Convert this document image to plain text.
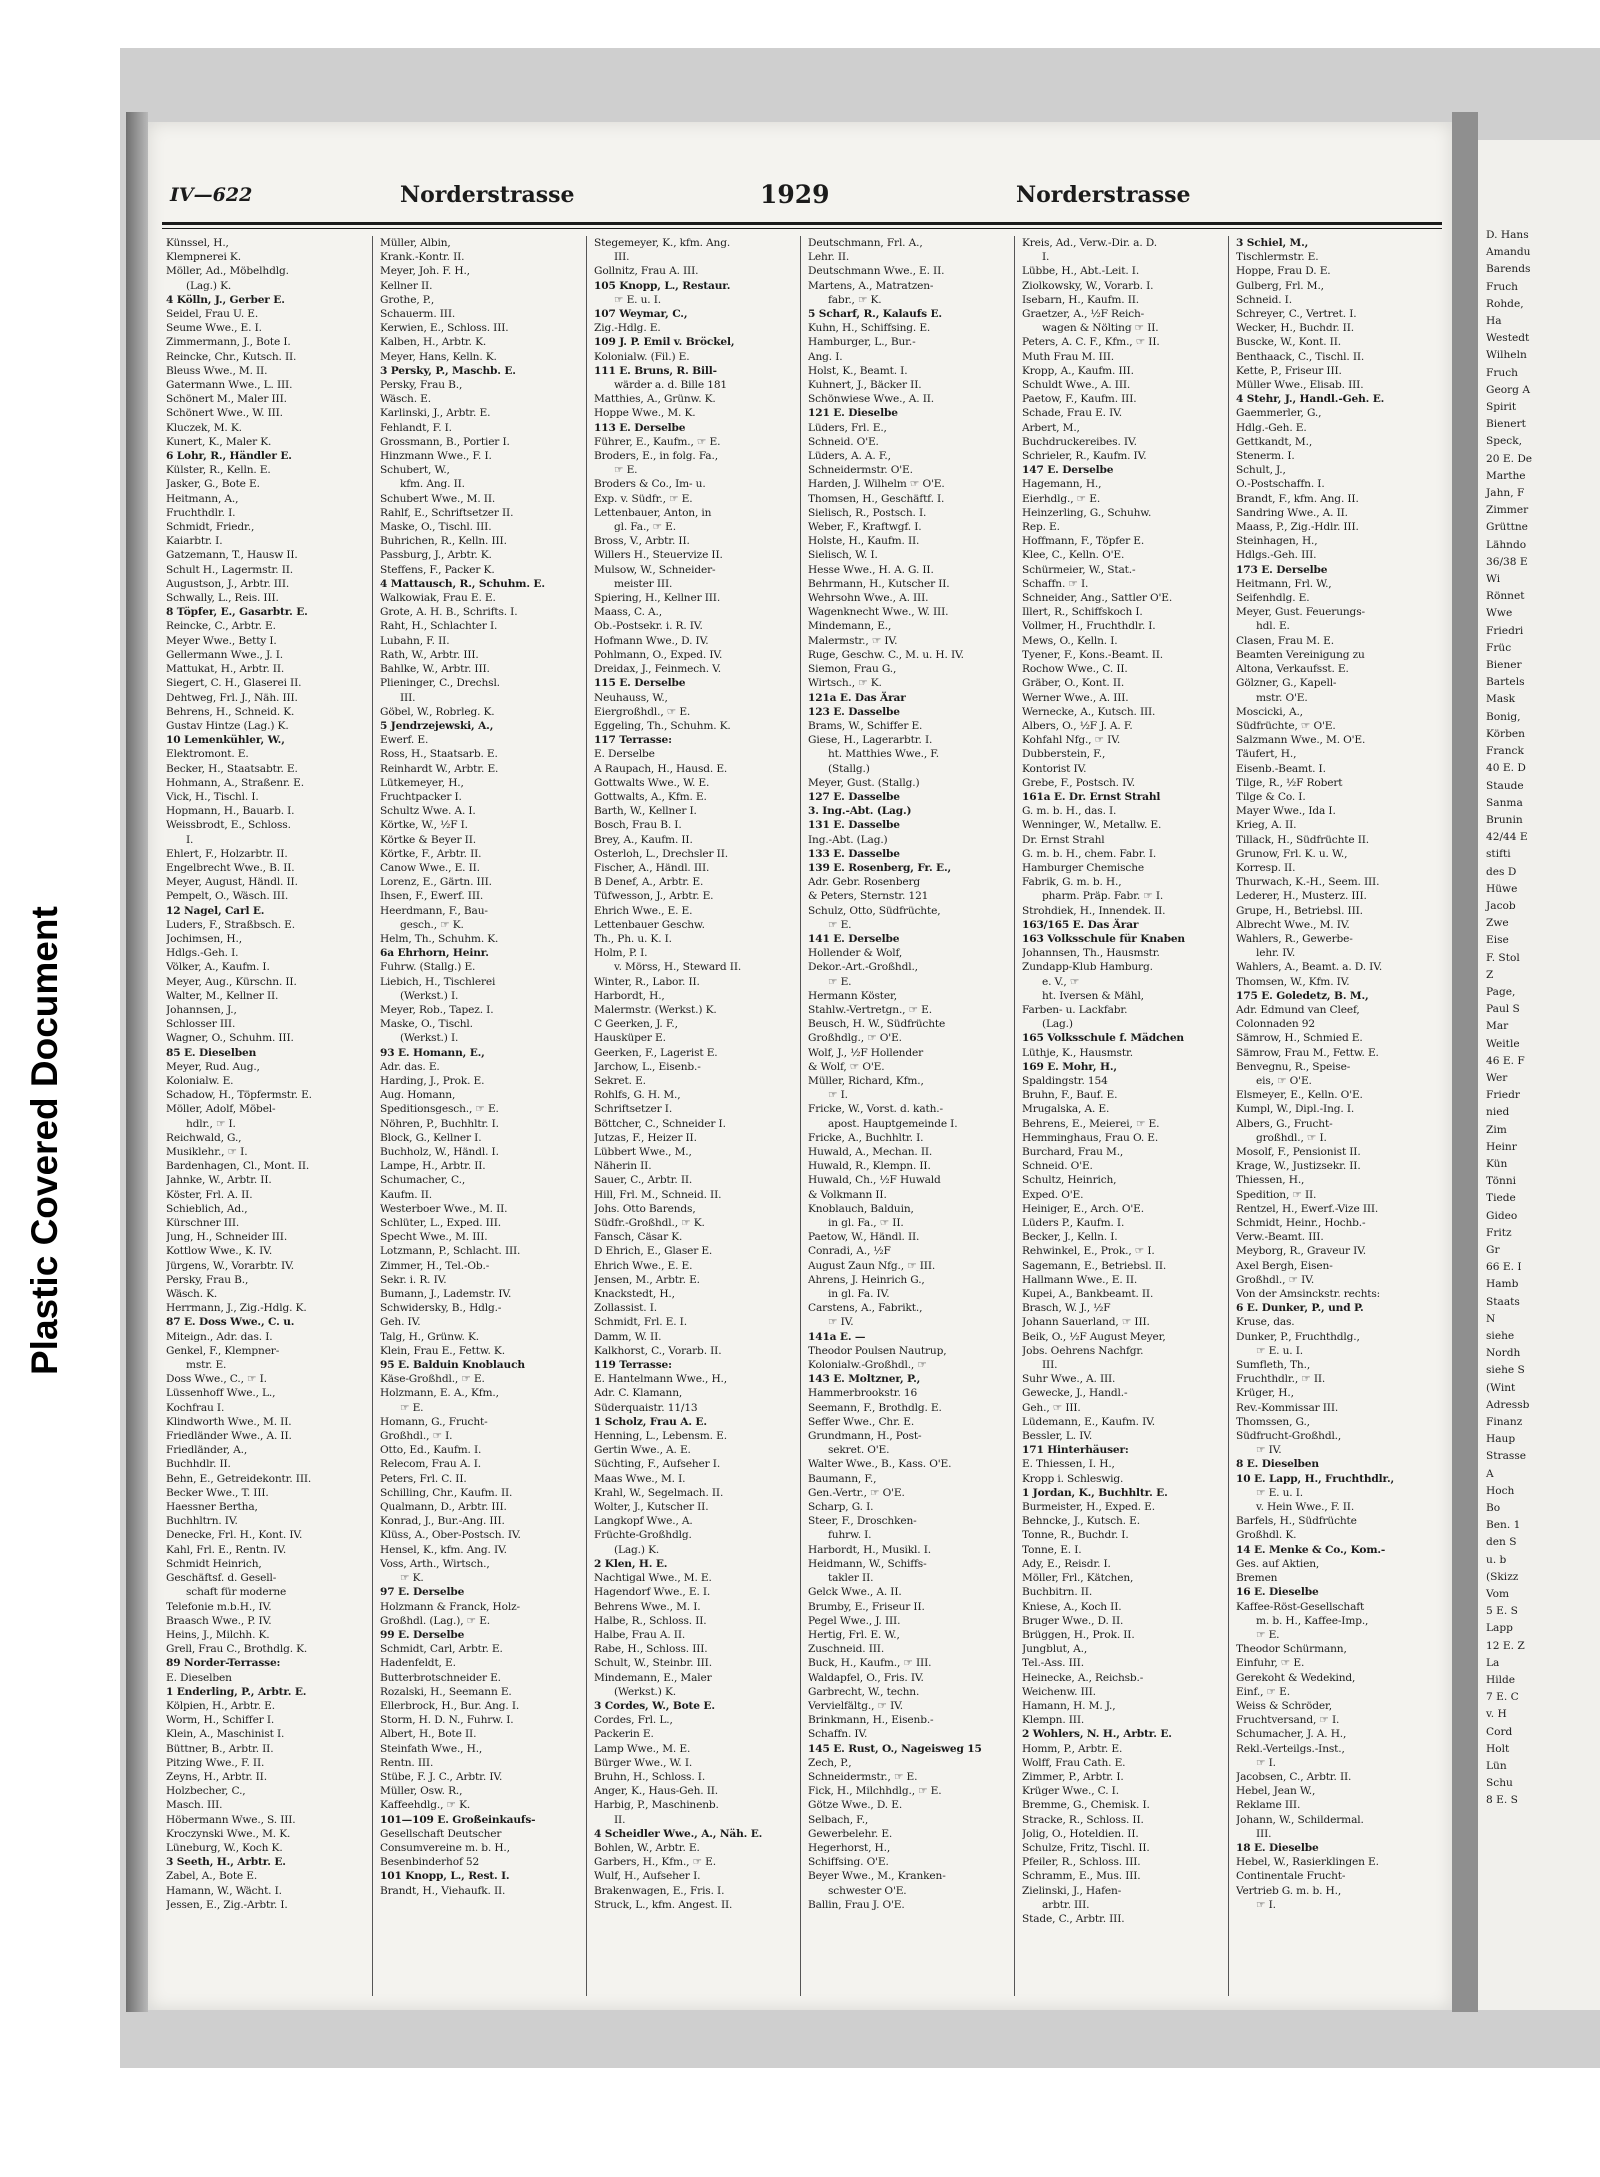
Plastic Covered Document
IV—622	Norderstrasse	1929	Norderstrasse
Künssel, H.,
Klempnerei K.
Möller, Ad., Möbelhdlg.
(Lag.) K.
4 Kölln, J., Gerber E.
Seidel, Frau U. E.
Seume Wwe., E. I.
Zimmermann, J., Bote I.
Reincke, Chr., Kutsch. II.
Bleuss Wwe., M. II.
Gatermann Wwe., L. III.
Schönert M., Maler III.
Schönert Wwe., W. III.
Kluczek, M. K.
Kunert, K., Maler K.
6 Lohr, R., Händler E.
Külster, R., Kelln. E.
Jasker, G., Bote E.
Heitmann, A.,
Fruchthdlr. I.
Schmidt, Friedr.,
Kaiarbtr. I.
Gatzemann, T., Hausw II.
Schult H., Lagermstr. II.
Augustson, J., Arbtr. III.
Schwally, L., Reis. III.
8 Töpfer, E., Gasarbtr. E.
Reincke, C., Arbtr. E.
Meyer Wwe., Betty I.
Gellermann Wwe., J. I.
Mattukat, H., Arbtr. II.
Siegert, C. H., Glaserei II.
Dehtweg, Frl. J., Näh. III.
Behrens, H., Schneid. K.
Gustav Hintze (Lag.) K.
10 Lemenkühler, W.,
Elektromont. E.
Becker, H., Staatsabtr. E.
Hohmann, A., Straßenr. E.
Vick, H., Tischl. I.
Hopmann, H., Bauarb. I.
Weissbrodt, E., Schloss.
I.
Ehlert, F., Holzarbtr. II.
Engelbrecht Wwe., B. II.
Meyer, August, Händl. II.
Pempelt, O., Wäsch. III.
12 Nagel, Carl E.
Luders, F., Straßbsch. E.
Jochimsen, H.,
Hdlgs.-Geh. I.
Völker, A., Kaufm. I.
Meyer, Aug., Kürschn. II.
Walter, M., Kellner II.
Johannsen, J.,
Schlosser III.
Wagner, O., Schuhm. III.
85 E. Dieselben
Meyer, Rud. Aug.,
Kolonialw. E.
Schadow, H., Töpfermstr. E.
Möller, Adolf, Möbel-
hdlr., ☞ I.
Reichwald, G.,
Musiklehr., ☞ I.
Bardenhagen, Cl., Mont. II.
Jahnke, W., Arbtr. II.
Köster, Frl. A. II.
Schieblich, Ad.,
Kürschner III.
Jung, H., Schneider III.
Kottlow Wwe., K. IV.
Jürgens, W., Vorarbtr. IV.
Persky, Frau B.,
Wäsch. K.
Herrmann, J., Zig.-Hdlg. K.
87 E. Doss Wwe., C. u.
Miteign., Adr. das. I.
Genkel, F., Klempner-
mstr. E.
Doss Wwe., C., ☞ I.
Lüssenhoff Wwe., L.,
Kochfrau I.
Klindworth Wwe., M. II.
Friedländer Wwe., A. II.
Friedländer, A.,
Buchhdlr. II.
Behn, E., Getreidekontr. III.
Becker Wwe., T. III.
Haessner Bertha,
Buchhltrn. IV.
Denecke, Frl. H., Kont. IV.
Kahl, Frl. E., Rentn. IV.
Schmidt Heinrich,
Geschäftsf. d. Gesell-
schaft für moderne
Telefonie m.b.H., IV.
Braasch Wwe., P. IV.
Heins, J., Milchh. K.
Grell, Frau C., Brothdlg. K.
89 Norder-Terrasse:
E. Dieselben
1 Enderling, P., Arbtr. E.
Kölpien, H., Arbtr. E.
Worm, H., Schiffer I.
Klein, A., Maschinist I.
Büttner, B., Arbtr. II.
Pitzing Wwe., F. II.
Zeyns, H., Arbtr. II.
Holzbecher, C.,
Masch. III.
Höbermann Wwe., S. III.
Kroczynski Wwe., M. K.
Lüneburg, W., Koch K.
3 Seeth, H., Arbtr. E.
Zabel, A., Bote E.
Hamann, W., Wächt. I.
Jessen, E., Zig.-Arbtr. I.
Müller, Albin,
Krank.-Kontr. II.
Meyer, Joh. F. H.,
Kellner II.
Grothe, P.,
Schauerm. III.
Kerwien, E., Schloss. III.
Kalben, H., Arbtr. K.
Meyer, Hans, Kelln. K.
3 Persky, P., Maschb. E.
Persky, Frau B.,
Wäsch. E.
Karlinski, J., Arbtr. E.
Fehlandt, F. I.
Grossmann, B., Portier I.
Hinzmann Wwe., F. I.
Schubert, W.,
kfm. Ang. II.
Schubert Wwe., M. II.
Rahlf, E., Schriftsetzer II.
Maske, O., Tischl. III.
Buhrichen, R., Kelln. III.
Passburg, J., Arbtr. K.
Steffens, F., Packer K.
4 Mattausch, R., Schuhm. E.
Walkowiak, Frau E. E.
Grote, A. H. B., Schrifts. I.
Raht, H., Schlachter I.
Lubahn, F. II.
Rath, W., Arbtr. III.
Bahlke, W., Arbtr. III.
Plieninger, C., Drechsl.
III.
Göbel, W., Robrleg. K.
5 Jendrzejewski, A.,
Ewerf. E.
Ross, H., Staatsarb. E.
Reinhardt W., Arbtr. E.
Lütkemeyer, H.,
Fruchtpacker I.
Schultz Wwe. A. I.
Körtke, W., ½F I.
Körtke & Beyer II.
Körtke, F., Arbtr. II.
Canow Wwe., E. II.
Lorenz, E., Gärtn. III.
Ihsen, F., Ewerf. III.
Heerdmann, F., Bau-
gesch., ☞ K.
Helm, Th., Schuhm. K.
6a Ehrhorn, Heinr.
Fuhrw. (Stallg.) E.
Liebich, H., Tischlerei
(Werkst.) I.
Meyer, Rob., Tapez. I.
Maske, O., Tischl.
(Werkst.) I.
93 E. Homann, E.,
Adr. das. E.
Harding, J., Prok. E.
Aug. Homann,
Speditionsgesch., ☞ E.
Nöhren, P., Buchhltr. I.
Block, G., Kellner I.
Buchholz, W., Händl. I.
Lampe, H., Arbtr. II.
Schumacher, C.,
Kaufm. II.
Westerboer Wwe., M. II.
Schlüter, L., Exped. III.
Specht Wwe., M. III.
Lotzmann, P., Schlacht. III.
Zimmer, H., Tel.-Ob.-
Sekr. i. R. IV.
Bumann, J., Lademstr. IV.
Schwidersky, B., Hdlg.-
Geh. IV.
Talg, H., Grünw. K.
Klein, Frau E., Fettw. K.
95 E. Balduin Knoblauch
Käse-Großhdl., ☞ E.
Holzmann, E. A., Kfm.,
☞ E.
Homann, G., Frucht-
Großhdl., ☞ I.
Otto, Ed., Kaufm. I.
Relecom, Frau A. I.
Peters, Frl. C. II.
Schilling, Chr., Kaufm. II.
Qualmann, D., Arbtr. III.
Konrad, J., Bur.-Ang. III.
Klüss, A., Ober-Postsch. IV.
Hensel, K., kfm. Ang. IV.
Voss, Arth., Wirtsch.,
☞ K.
97 E. Derselbe
Holzmann & Franck, Holz-
Großhdl. (Lag.), ☞ E.
99 E. Derselbe
Schmidt, Carl, Arbtr. E.
Hadenfeldt, E.
Butterbrotschneider E.
Rozalski, H., Seemann E.
Ellerbrock, H., Bur. Ang. I.
Storm, H. D. N., Fuhrw. I.
Albert, H., Bote II.
Steinfath Wwe., H.,
Rentn. III.
Stübe, F. J. C., Arbtr. IV.
Müller, Osw. R.,
Kaffeehdlg., ☞ K.
101—109 E. Großeinkaufs-
Gesellschaft Deutscher
Consumvereine m. b. H.,
Besenbinderhof 52
101 Knopp, L., Rest. I.
Brandt, H., Viehaufk. II.
Stegemeyer, K., kfm. Ang.
III.
Gollnitz, Frau A. III.
105 Knopp, L., Restaur.
☞ E. u. I.
107 Weymar, C.,
Zig.-Hdlg. E.
109 J. P. Emil v. Bröckel,
Kolonialw. (Fil.) E.
111 E. Bruns, R. Bill-
wärder a. d. Bille 181
Matthies, A., Grünw. K.
Hoppe Wwe., M. K.
113 E. Derselbe
Führer, E., Kaufm., ☞ E.
Broders, E., in folg. Fa.,
☞ E.
Broders & Co., Im- u.
Exp. v. Südfr., ☞ E.
Lettenbauer, Anton, in
gl. Fa., ☞ E.
Bross, V., Arbtr. II.
Willers H., Steuervize II.
Mulsow, W., Schneider-
meister III.
Spiering, H., Kellner III.
Maass, C. A.,
Ob.-Postsekr. i. R. IV.
Hofmann Wwe., D. IV.
Pohlmann, O., Exped. IV.
Dreidax, J., Feinmech. V.
115 E. Derselbe
Neuhauss, W.,
Eiergroßhdl., ☞ E.
Eggeling, Th., Schuhm. K.
117 Terrasse:
E. Derselbe
A Raupach, H., Hausd. E.
Gottwalts Wwe., W. E.
Gottwalts, A., Kfm. E.
Barth, W., Kellner I.
Bosch, Frau B. I.
Brey, A., Kaufm. II.
Osterloh, L., Drechsler II.
Fischer, A., Händl. III.
B Denef, A., Arbtr. E.
Tüfwesson, J., Arbtr. E.
Ehrich Wwe., E. E.
Lettenbauer Geschw.
Th., Ph. u. K. I.
Holm, P. I.
v. Mörss, H., Steward II.
Winter, R., Labor. II.
Harbordt, H.,
Malermstr. (Werkst.) K.
C Geerken, J. F.,
Hausküper E.
Geerken, F., Lagerist E.
Jarchow, L., Eisenb.-
Sekret. E.
Rohlfs, G. H. M.,
Schriftsetzer I.
Böttcher, C., Schneider I.
Jutzas, F., Heizer II.
Lübbert Wwe., M.,
Näherin II.
Sauer, C., Arbtr. II.
Hill, Frl. M., Schneid. II.
Johs. Otto Barends,
Südfr.-Großhdl., ☞ K.
Fansch, Cäsar K.
D Ehrich, E., Glaser E.
Ehrich Wwe., E. E.
Jensen, M., Arbtr. E.
Knackstedt, H.,
Zollassist. I.
Schmidt, Frl. E. I.
Damm, W. II.
Kalkhorst, C., Vorarb. II.
119 Terrasse:
E. Hantelmann Wwe., H.,
Adr. C. Klamann,
Süderquaistr. 11/13
1 Scholz, Frau A. E.
Henning, L., Lebensm. E.
Gertin Wwe., A. E.
Süchting, F., Aufseher I.
Maas Wwe., M. I.
Krahl, W., Segelmach. II.
Wolter, J., Kutscher II.
Langkopf Wwe., A.
Früchte-Großhdlg.
(Lag.) K.
2 Klen, H. E.
Nachtigal Wwe., M. E.
Hagendorf Wwe., E. I.
Behrens Wwe., M. I.
Halbe, R., Schloss. II.
Halbe, Frau A. II.
Rabe, H., Schloss. III.
Schult, W., Steinbr. III.
Mindemann, E., Maler
(Werkst.) K.
3 Cordes, W., Bote E.
Cordes, Frl. L.,
Packerin E.
Lamp Wwe., M. E.
Bürger Wwe., W. I.
Bruhn, H., Schloss. I.
Anger, K., Haus-Geh. II.
Harbig, P., Maschinenb.
II.
4 Scheidler Wwe., A., Näh. E.
Bohlen, W., Arbtr. E.
Garbers, H., Kfm., ☞ E.
Wulf, H., Aufseher I.
Brakenwagen, E., Fris. I.
Struck, L., kfm. Angest. II.
Deutschmann, Frl. A.,
Lehr. II.
Deutschmann Wwe., E. II.
Martens, A., Matratzen-
fabr., ☞ K.
5 Scharf, R., Kalaufs E.
Kuhn, H., Schiffsing. E.
Hamburger, L., Bur.-
Ang. I.
Holst, K., Beamt. I.
Kuhnert, J., Bäcker II.
Schönwiese Wwe., A. II.
121 E. Dieselbe
Lüders, Frl. E.,
Schneid. O'E.
Lüders, A. A. F.,
Schneidermstr. O'E.
Harden, J. Wilhelm ☞ O'E.
Thomsen, H., Geschäftf. I.
Sielisch, R., Postsch. I.
Weber, F., Kraftwgf. I.
Holste, H., Kaufm. II.
Sielisch, W. I.
Hesse Wwe., H. A. G. II.
Behrmann, H., Kutscher II.
Wehrsohn Wwe., A. III.
Wagenknecht Wwe., W. III.
Mindemann, E.,
Malermstr., ☞ IV.
Ruge, Geschw. C., M. u. H. IV.
Siemon, Frau G.,
Wirtsch., ☞ K.
121a E. Das Ärar
123 E. Dasselbe
Brams, W., Schiffer E.
Giese, H., Lagerarbtr. I.
ht. Matthies Wwe., F.
(Stallg.)
Meyer, Gust. (Stallg.)
127 E. Dasselbe
3. Ing.-Abt. (Lag.)
131 E. Dasselbe
Ing.-Abt. (Lag.)
133 E. Dasselbe
139 E. Rosenberg, Fr. E.,
Adr. Gebr. Rosenberg
& Peters, Sternstr. 121
Schulz, Otto, Südfrüchte,
☞ E.
141 E. Derselbe
Hollender & Wolf,
Dekor.-Art.-Großhdl.,
☞ E.
Hermann Köster,
Stahlw.-Vertretgn., ☞ E.
Beusch, H. W., Südfrüchte
Großhdlg., ☞ O'E.
Wolf, J., ½F Hollender
& Wolf, ☞ O'E.
Müller, Richard, Kfm.,
☞ I.
Fricke, W., Vorst. d. kath.-
apost. Hauptgemeinde I.
Fricke, A., Buchhltr. I.
Huwald, A., Mechan. II.
Huwald, R., Klempn. II.
Huwald, Ch., ½F Huwald
& Volkmann II.
Knoblauch, Balduin,
in gl. Fa., ☞ II.
Paetow, W., Händl. II.
Conradi, A., ½F
August Zaun Nfg., ☞ III.
Ahrens, J. Heinrich G.,
in gl. Fa. IV.
Carstens, A., Fabrikt.,
☞ IV.
141a E. —
Theodor Poulsen Nautrup,
Kolonialw.-Großhdl., ☞
143 E. Moltzner, P.,
Hammerbrookstr. 16
Seemann, F., Brothdlg. E.
Seffer Wwe., Chr. E.
Grundmann, H., Post-
sekret. O'E.
Walter Wwe., B., Kass. O'E.
Baumann, F.,
Gen.-Vertr., ☞ O'E.
Scharp, G. I.
Steer, F., Droschken-
fuhrw. I.
Harbordt, H., Musikl. I.
Heidmann, W., Schiffs-
takler II.
Gelck Wwe., A. II.
Brumby, E., Friseur II.
Pegel Wwe., J. III.
Hertig, Frl. E. W.,
Zuschneid. III.
Buck, H., Kaufm., ☞ III.
Waldapfel, O., Fris. IV.
Garbrecht, W., techn.
Vervielfältg., ☞ IV.
Brinkmann, H., Eisenb.-
Schaffn. IV.
145 E. Rust, O., Nageisweg 15
Zech, P.,
Schneidermstr., ☞ E.
Fick, H., Milchhdlg., ☞ E.
Götze Wwe., D. E.
Selbach, F.,
Gewerbelehr. E.
Hegerhorst, H.,
Schiffsing. O'E.
Beyer Wwe., M., Kranken-
schwester O'E.
Ballin, Frau J. O'E.
Kreis, Ad., Verw.-Dir. a. D.
I.
Lübbe, H., Abt.-Leit. I.
Ziolkowsky, W., Vorarb. I.
Isebarn, H., Kaufm. II.
Graetzer, A., ½F Reich-
wagen & Nölting ☞ II.
Peters, A. C. F., Kfm., ☞ II.
Muth Frau M. III.
Kropp, A., Kaufm. III.
Schuldt Wwe., A. III.
Paetow, F., Kaufm. III.
Schade, Frau E. IV.
Arbert, M.,
Buchdruckereibes. IV.
Schrieler, R., Kaufm. IV.
147 E. Derselbe
Hagemann, H.,
Eierhdlg., ☞ E.
Heinzerling, G., Schuhw.
Rep. E.
Hoffmann, F., Töpfer E.
Klee, C., Kelln. O'E.
Schürmeier, W., Stat.-
Schaffn. ☞ I.
Schneider, Ang., Sattler O'E.
Illert, R., Schiffskoch I.
Vollmer, H., Fruchthdlr. I.
Mews, O., Kelln. I.
Tyener, F., Kons.-Beamt. II.
Rochow Wwe., C. II.
Gräber, O., Kont. II.
Werner Wwe., A. III.
Wernecke, A., Kutsch. III.
Albers, O., ½F J. A. F.
Kohfahl Nfg., ☞ IV.
Dubberstein, F.,
Kontorist IV.
Grebe, F., Postsch. IV.
161a E. Dr. Ernst Strahl
G. m. b. H., das. I.
Wenninger, W., Metallw. E.
Dr. Ernst Strahl
G. m. b. H., chem. Fabr. I.
Hamburger Chemische
Fabrik, G. m. b. H.,
pharm. Präp. Fabr. ☞ I.
Strohdiek, H., Innendek. II.
163/165 E. Das Ärar
163 Volksschule für Knaben
Johannsen, Th., Hausmstr.
Zundapp-Klub Hamburg.
e. V., ☞
ht. Iversen & Mähl,
Farben- u. Lackfabr.
(Lag.)
165 Volksschule f. Mädchen
Lüthje, K., Hausmstr.
169 E. Mohr, H.,
Spaldingstr. 154
Bruhn, F., Bauf. E.
Mrugalska, A. E.
Behrens, E., Meierei, ☞ E.
Hemminghaus, Frau O. E.
Burchard, Frau M.,
Schneid. O'E.
Schultz, Heinrich,
Exped. O'E.
Heiniger, E., Arch. O'E.
Lüders P., Kaufm. I.
Becker, J., Kelln. I.
Rehwinkel, E., Prok., ☞ I.
Sagemann, E., Betriebsl. II.
Hallmann Wwe., E. II.
Kupei, A., Bankbeamt. II.
Brasch, W. J., ½F
Johann Sauerland, ☞ III.
Beik, O., ½F August Meyer,
Jobs. Oehrens Nachfgr.
III.
Suhr Wwe., A. III.
Gewecke, J., Handl.-
Geh., ☞ III.
Lüdemann, E., Kaufm. IV.
Bessler, L. IV.
171 Hinterhäuser:
E. Thiessen, I. H.,
Kropp i. Schleswig.
1 Jordan, K., Buchhltr. E.
Burmeister, H., Exped. E.
Behncke, J., Kutsch. E.
Tonne, R., Buchdr. I.
Tonne, E. I.
Ady, E., Reisdr. I.
Möller, Frl., Kätchen,
Buchbitrn. II.
Kniese, A., Koch II.
Bruger Wwe., D. II.
Brüggen, H., Prok. II.
Jungblut, A.,
Tel.-Ass. III.
Heinecke, A., Reichsb.-
Weichenw. III.
Hamann, H. M. J.,
Klempn. III.
2 Wohlers, N. H., Arbtr. E.
Homm, P., Arbtr. E.
Wolff, Frau Cath. E.
Zimmer, P., Arbtr. I.
Krüger Wwe., C. I.
Bremme, G., Chemisk. I.
Stracke, R., Schloss. II.
Jolig, O., Hoteldien. II.
Schulze, Fritz, Tischl. II.
Pfeiler, R., Schloss. III.
Schramm, E., Mus. III.
Zielinski, J., Hafen-
arbtr. III.
Stade, C., Arbtr. III.
3 Schiel, M.,
Tischlermstr. E.
Hoppe, Frau D. E.
Gulberg, Frl. M.,
Schneid. I.
Schreyer, C., Vertret. I.
Wecker, H., Buchdr. II.
Buscke, W., Kont. II.
Benthaack, C., Tischl. II.
Kette, P., Friseur III.
Müller Wwe., Elisab. III.
4 Stehr, J., Handl.-Geh. E.
Gaemmerler, G.,
Hdlg.-Geh. E.
Gettkandt, M.,
Stenerm. I.
Schult, J.,
O.-Postschaffn. I.
Brandt, F., kfm. Ang. II.
Sandring Wwe., A. II.
Maass, P., Zig.-Hdlr. III.
Steinhagen, H.,
Hdlgs.-Geh. III.
173 E. Derselbe
Heitmann, Frl. W.,
Seifenhdlg. E.
Meyer, Gust. Feuerungs-
hdl. E.
Clasen, Frau M. E.
Beamten Vereinigung zu
Altona, Verkaufsst. E.
Gölzner, G., Kapell-
mstr. O'E.
Moscicki, A.,
Südfrüchte, ☞ O'E.
Salzmann Wwe., M. O'E.
Täufert, H.,
Eisenb.-Beamt. I.
Tilge, R., ½F Robert
Tilge & Co. I.
Mayer Wwe., Ida I.
Krieg, A. II.
Tillack, H., Südfrüchte II.
Grunow, Frl. K. u. W.,
Korresp. II.
Thurwach, K.-H., Seem. III.
Lederer, H., Musterz. III.
Grupe, H., Betriebsl. III.
Albrecht Wwe., M. IV.
Wahlers, R., Gewerbe-
lehr. IV.
Wahlers, A., Beamt. a. D. IV.
Thomsen, W., Kfm. IV.
175 E. Goledetz, B. M.,
Adr. Edmund van Cleef,
Colonnaden 92
Sämrow, H., Schmied E.
Sämrow, Frau M., Fettw. E.
Benvegnu, R., Speise-
eis, ☞ O'E.
Elsmeyer, E., Kelln. O'E.
Kumpl, W., Dipl.-Ing. I.
Albers, G., Frucht-
großhdl., ☞ I.
Mosolf, F., Pensionist II.
Krage, W., Justizsekr. II.
Thiessen, H.,
Spedition, ☞ II.
Rentzel, H., Ewerf.-Vize III.
Schmidt, Heinr., Hochb.-
Verw.-Beamt. III.
Meyborg, R., Graveur IV.
Axel Bergh, Eisen-
Großhdl., ☞ IV.
Von der Amsinckstr. rechts:
6 E. Dunker, P., und P.
Kruse, das.
Dunker, P., Fruchthdlg.,
☞ E. u. I.
Sumfleth, Th.,
Fruchthdlr., ☞ II.
Krüger, H.,
Rev.-Kommissar III.
Thomssen, G.,
Südfrucht-Großhdl.,
☞ IV.
8 E. Dieselben
10 E. Lapp, H., Fruchthdlr.,
☞ E. u. I.
v. Hein Wwe., F. II.
Barfels, H., Südfrüchte
Großhdl. K.
14 E. Menke & Co., Kom.-
Ges. auf Aktien,
Bremen
16 E. Dieselbe
Kaffee-Röst-Gesellschaft
m. b. H., Kaffee-Imp.,
☞ E.
Theodor Schürmann,
Einfuhr, ☞ E.
Gerekoht & Wedekind,
Einf., ☞ E.
Weiss & Schröder,
Fruchtversand, ☞ I.
Schumacher, J. A. H.,
Rekl.-Verteilgs.-Inst.,
☞ I.
Jacobsen, C., Arbtr. II.
Hebel, Jean W.,
Reklame III.
Johann, W., Schildermal.
III.
18 E. Dieselbe
Hebel, W., Rasierklingen E.
Continentale Frucht-
Vertrieb G. m. b. H.,
☞ I.
D. Hans
Amandu
Barends
Fruch
Rohde,
Ha
Westedt
Wilheln
Fruch
Georg A
Spirit
Bienert
Speck,
20 E. De
Marthe
Jahn, F
Zimmer
Grüttne
Lähndo
36/38 E
Wi
Rönnet
Wwe
Friedri
Früc
Biener
Bartels
Mask
Bonig,
Körben
Franck
40 E. D
Staude
Sanma
Brunin
42/44 E
stifti
des D
Hüwe
Jacob
Zwe
Eise
F. Stol
Z
Page,
Paul S
Mar
Weitle
46 E. F
Wer
Friedr
nied
Zim
Heinr
Kün
Tönni
Tiede
Gideo
Fritz
Gr
66 E. I
Hamb
Staats
N
siehe
Nordh
siehe S
(Wint
Adressb
Finanz
Haup
Strasse
A
Hoch
Bo
Ben. 1
den S
u. b
(Skizz
Vom
5 E. S
Lapp
12 E. Z
La
Hilde
7 E. C
v. H
Cord
Holt
Lün
Schu
8 E. S
